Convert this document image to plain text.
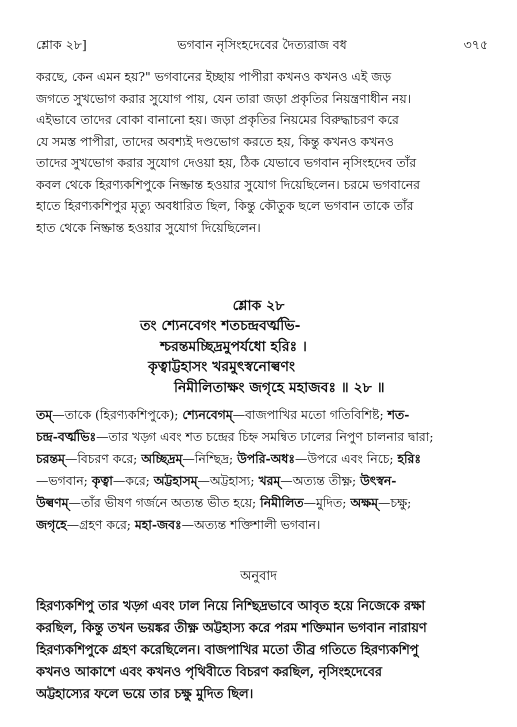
শ্লোক ২৮]	ভগবান নৃসিংহদেবের দৈত্যরাজ বধ	৩৭৫
করছে, কেন এমন হয়?" ভগবানের ইচ্ছায় পাপীরা কখনও কখনও এই জড়
জগতে সুখভোগ করার সুযোগ পায়, যেন তারা জড়া প্রকৃতির নিয়ন্ত্রণাধীন নয়।
এইভাবে তাদের বোকা বানানো হয়। জড়া প্রকৃতির নিয়মের বিরুদ্ধাচরণ করে
যে সমস্ত পাপীরা, তাদের অবশ্যই দণ্ডভোগ করতে হয়, কিন্তু কখনও কখনও
তাদের সুখভোগ করার সুযোগ দেওয়া হয়, ঠিক যেভাবে ভগবান নৃসিংহদেব তাঁর
কবল থেকে হিরণ্যকশিপুকে নিষ্ক্রান্ত হওয়ার সুযোগ দিয়েছিলেন। চরমে ভগবানের
হাতে হিরণ্যকশিপুর মৃত্যু অবধারিত ছিল, কিন্তু কৌতুক ছলে ভগবান তাকে তাঁর
হাত থেকে নিষ্ক্রান্ত হওয়ার সুযোগ দিয়েছিলেন।
শ্লোক ২৮
তং শ্যেনবেগং শতচন্দ্রবর্ত্মভি-
শ্চরন্তমচ্ছিদ্রমুপর্যধো হরিঃ ।
কৃত্বাট্টহাসং খরমুৎস্বনোল্বণং
নিমীলিতাক্ষং জগৃহে মহাজবঃ ॥ ২৮ ॥
তম্—তাকে (হিরণ্যকশিপুকে); শ্যেনবেগম্—বাজপাখির মতো গতিবিশিষ্ট; শত-
চন্দ্র-বর্ত্মভিঃ—তার খড়্গ এবং শত চন্দ্রের চিহ্ন সমন্বিত ঢালের নিপুণ চালনার দ্বারা;
চরন্তম্—বিচরণ করে; অচ্ছিদ্রম্—নিশ্ছিদ্র; উপরি-অধঃ—উপরে এবং নিচে; হরিঃ
—ভগবান; কৃত্বা—করে; অট্টহাসম্—অট্টহাস্য; খরম্—অত্যন্ত তীক্ষ্ণ; উৎস্বন-
উল্বণম্—তাঁর ভীষণ গর্জনে অত্যন্ত ভীত হয়ে; নিমীলিত—মুদিত; অক্ষম্—চক্ষু;
জগৃহে—গ্রহণ করে; মহা-জবঃ—অত্যন্ত শক্তিশালী ভগবান।
অনুবাদ
হিরণ্যকশিপু তার খড়্গ এবং ঢাল নিয়ে নিশ্ছিদ্রভাবে আবৃত হয়ে নিজেকে রক্ষা
করছিল, কিন্তু তখন ভয়ঙ্কর তীক্ষ্ণ অট্টহাস্য করে পরম শক্তিমান ভগবান নারায়ণ
হিরণ্যকশিপুকে গ্রহণ করেছিলেন। বাজপাখির মতো তীব্র গতিতে হিরণ্যকশিপু
কখনও আকাশে এবং কখনও পৃথিবীতে বিচরণ করছিল, নৃসিংহদেবের
অট্টহাস্যের ফলে ভয়ে তার চক্ষু মুদিত ছিল।
